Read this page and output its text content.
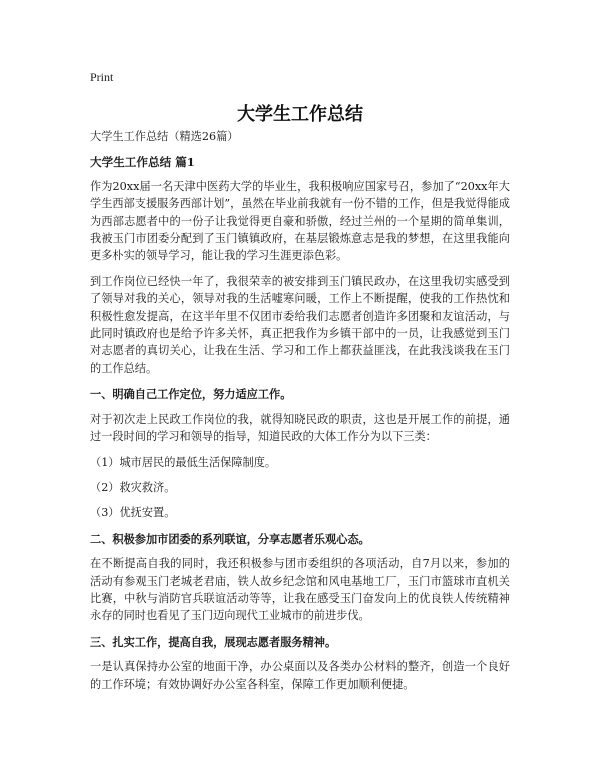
Print
大学生工作总结

大学生工作总结（精选26篇）

大学生工作总结 篇1

作为20xx届一名天津中医药大学的毕业生，我积极响应国家号召，参加了“20xx年大学生西部支援服务西部计划”，虽然在毕业前我就有一份不错的工作，但是我觉得能成为西部志愿者中的一份子让我觉得更自豪和骄傲，经过兰州的一个星期的简单集训，我被玉门市团委分配到了玉门镇镇政府，在基层锻炼意志是我的梦想，在这里我能向更多朴实的领导学习，能让我的学习生涯更添色彩。

到工作岗位已经快一年了，我很荣幸的被安排到玉门镇民政办，在这里我切实感受到了领导对我的关心，领导对我的生活嘘寒问暖，工作上不断提醒，使我的工作热忱和积极性愈发提高，在这半年里不仅团市委给我们志愿者创造许多团聚和友谊活动，与此同时镇政府也是给予许多关怀，真正把我作为乡镇干部中的一员，让我感觉到玉门对志愿者的真切关心，让我在生活、学习和工作上都获益匪浅，在此我浅谈我在玉门的工作总结。

一、明确自己工作定位，努力适应工作。

对于初次走上民政工作岗位的我，就得知晓民政的职责，这也是开展工作的前提，通过一段时间的学习和领导的指导，知道民政的大体工作分为以下三类：

（1）城市居民的最低生活保障制度。

（2）救灾救济。

（3）优抚安置。

二、积极参加市团委的系列联谊，分享志愿者乐观心态。

在不断提高自我的同时，我还积极参与团市委组织的各项活动，自7月以来，参加的活动有参观玉门老城老君庙，铁人故乡纪念馆和风电基地工厂，玉门市篮球市直机关比赛，中秋与消防官兵联谊活动等等，让我在感受玉门奋发向上的优良铁人传统精神永存的同时也看见了玉门迈向现代工业城市的前进步伐。

三、扎实工作，提高自我，展现志愿者服务精神。

一是认真保持办公室的地面干净，办公桌面以及各类办公材料的整齐，创造一个良好的工作环境；有效协调好办公室各科室，保障工作更加顺利便捷。
